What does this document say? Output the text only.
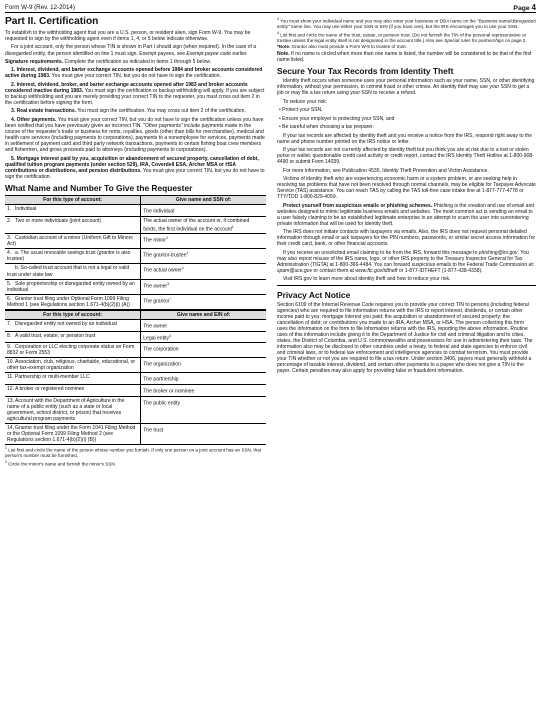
Form W-9 (Rev. 12-2014)	Page 4
Part II. Certification

To establish to the withholding agent that you are a U.S. person, or resident alien, sign Form W-9. You may be requested to sign by the withholding agent even if items 1, 4, or 5 below indicate otherwise.

For a joint account, only the person whose TIN is shown in Part I should sign (when required). In the case of a disregarded entity, the person identified on line 1 must sign. Exempt payees, see Exempt payee code earlier.

Signature requirements. Complete the certification as indicated in items 1 through 5 below.

1. Interest, dividend, and barter exchange accounts opened before 1984 and broker accounts considered active during 1983. You must give your correct TIN, but you do not have to sign the certification.

2. Interest, dividend, broker, and barter exchange accounts opened after 1983 and broker accounts considered inactive during 1983. You must sign the certification or backup withholding will apply. If you are subject to backup withholding and you are merely providing your correct TIN to the requester, you must cross out item 2 in the certification before signing the form.

3. Real estate transactions. You must sign the certification. You may cross out item 2 of the certification.

4. Other payments. You must give your correct TIN, but you do not have to sign the certification unless you have been notified that you have previously given an incorrect TIN. "Other payments" include payments made in the course of the requester's trade or business for rents, royalties, goods (other than bills for merchandise), medical and health care services (including payments to corporations), payments to a nonemployee for services, payments made in settlement of payment card and third party network transactions, payments to certain fishing boat crew members and fishermen, and gross proceeds paid to attorneys (including payments to corporations).

5. Mortgage interest paid by you, acquisition or abandonment of secured property, cancellation of debt, qualified tuition program payments (under section 529), IRA, Coverdell ESA, Archer MSA or HSA contributions or distributions, and pension distributions. You must give your correct TIN, but you do not have to sign the certification.

What Name and Number To Give the Requester
For this type of account:	Give name and SSN of:
1. Individual	The individual
2. Two or more individuals (joint account)	The actual owner of the account or, if combined funds, the first individual on the account$^1$
3. Custodian account of a minor (Uniform Gift to Minors Act)	The minor$^2$
4. a. The usual revocable savings trust (grantor is also trustee)	The grantor-trustee$^1$
b. So-called trust account that is not a legal or valid trust under state law	The actual owner$^1$
5. Sole proprietorship or disregarded entity owned by an individual	The owner$^3$
6. Grantor trust filing under Optional Form 1099 Filing Method 1 (see Regulations section 1.671-4(b)(2)(i) (A))	The grantor*
For this type of account:	Give name and EIN of:
7. Disregarded entity not owned by an individual	The owner
8. A valid trust, estate, or pension trust	Legal entity$^4$
9. Corporation or LLC electing corporate status on Form 8832 or Form 2553	The corporation
10.Association, club, religious, charitable, educational, or other tax-exempt organization	The organization
11.Partnership or multi-member LLC	The partnership
12.A broker or registered nominee	The broker or nominee
13.Account with the Department of Agriculture in the name of a public entity (such as a state or local government, school district, or prison) that receives agricultural program payments	The public entity
14.Grantor trust filing under the Form 1041 Filing Method or the Optional Form 1099 Filing Method 2 (see Regulations section 1.671-4(b)(2)(i) (B))	The trust

$^1$ List first and circle the name of the person whose number you furnish. If only one person on a joint account has an SSN, that person's number must be furnished.

$^2$ Circle the minor's name and furnish the minor's SSN.

$^3$ You must show your individual name and you may also enter your business or DBA name on the "Business name/disregarded entity" name line. You may use either your SSN or EIN (if you have one), but the IRS encourages you to use your SSN.

$^4$ List first and circle the name of the trust, estate, or pension trust. (Do not furnish the TIN of the personal representative or trustee unless the legal entity itself is not designated in the account title.) Also see Special rules for partnerships on page 2.

*Note. Grantor also must provide a Form W-9 to trustee of trust.

Note. If no name is circled when more than one name is listed, the number will be considered to be that of the first name listed.

Secure Your Tax Records from Identity Theft

Identity theft occurs when someone uses your personal information such as your name, SSN, or other identifying information, without your permission, to commit fraud or other crimes. An identity thief may use your SSN to get a job or may file a tax return using your SSN to receive a refund.

To reduce your risk:

• Protect your SSN,

• Ensure your employer is protecting your SSN, and

• Be careful when choosing a tax preparer.

If your tax records are affected by identity theft and you receive a notice from the IRS, respond right away to the name and phone number printed on the IRS notice or letter.

If your tax records are not currently affected by identity theft but you think you are at risk due to a lost or stolen purse or wallet, questionable credit card activity or credit report, contact the IRS Identity Theft Hotline at 1-800-908-4490 or submit Form 14039.

For more information, see Publication 4535, Identity Theft Prevention and Victim Assistance.

Victims of identity theft who are experiencing economic harm or a system problem, or are seeking help in resolving tax problems that have not been resolved through normal channels, may be eligible for Taxpayer Advocate Service (TAS) assistance. You can reach TAS by calling the TAS toll-free case intake line at 1-877-777-4778 or TTY/TDD 1-800-829-4059.

Protect yourself from suspicious emails or phishing schemes. Phishing is the creation and use of email and websites designed to mimic legitimate business emails and websites. The most common act is sending an email to a user falsely claiming to be an established legitimate enterprise in an attempt to scam the user into surrendering private information that will be used for identity theft.

The IRS does not initiate contacts with taxpayers via emails. Also, the IRS does not request personal detailed information through email or ask taxpayers for the PIN numbers, passwords, or similar secret access information for their credit card, bank, or other financial accounts.

If you receive an unsolicited email claiming to be from the IRS, forward this message to phishing@irs.gov. You may also report misuse of the IRS name, logo, or other IRS property to the Treasury Inspector General for Tax Administration (TIGTA) at 1-800-366-4484. You can forward suspicious emails to the Federal Trade Commission at: spam@uce.gov or contact them at www.ftc.gov/idtheft or 1-877-IDTHEFT (1-877-438-4338).

Visit IRS.gov to learn more about identity theft and how to reduce your risk.

Privacy Act Notice

Section 6109 of the Internal Revenue Code requires you to provide your correct TIN to persons (including federal agencies) who are required to file information returns with the IRS to report interest, dividends, or certain other income paid to you; mortgage interest you paid; the acquisition or abandonment of secured property; the cancellation of debt; or contributions you made to an IRA, Archer MSA, or HSA. The person collecting this form uses the information on the form to file information returns with the IRS, reporting the above information. Routine uses of this information include giving it to the Department of Justice for civil and criminal litigation and to cities, states, the District of Columbia, and U.S. commonwealths and possessions for use in administering their laws. The information also may be disclosed to other countries under a treaty, to federal and state agencies to enforce civil and criminal laws, or to federal law enforcement and intelligence agencies to combat terrorism. You must provide your TIN whether or not you are required to file a tax return. Under section 3406, payers must generally withhold a percentage of taxable interest, dividend, and certain other payments to a payee who does not give a TIN to the payer. Certain penalties may also apply for providing false or fraudulent information.
